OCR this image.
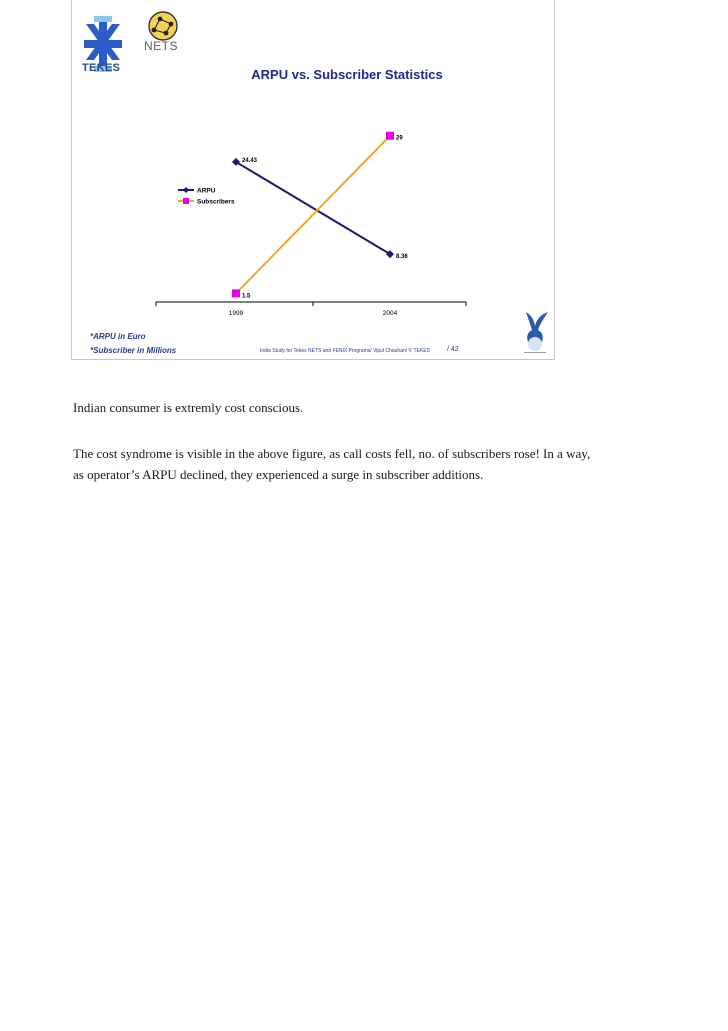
TEKES
NETS
ARPU vs. Subscriber Statistics
1999	2004
24.43
8.36
1.5
29
ARPU
Subscribers
*ARPU in Euro
*Subscriber in Millions	India Study for Tekes NETS and FENIX Programs/ Vipul Chauhan/ © TEKES / 42
Indian consumer is extremly cost conscious.
The cost syndrome is visible in the above figure, as call costs fell, no. of subscribers rose! In a way, as operator’s ARPU declined, they experienced a surge in subscriber additions.
